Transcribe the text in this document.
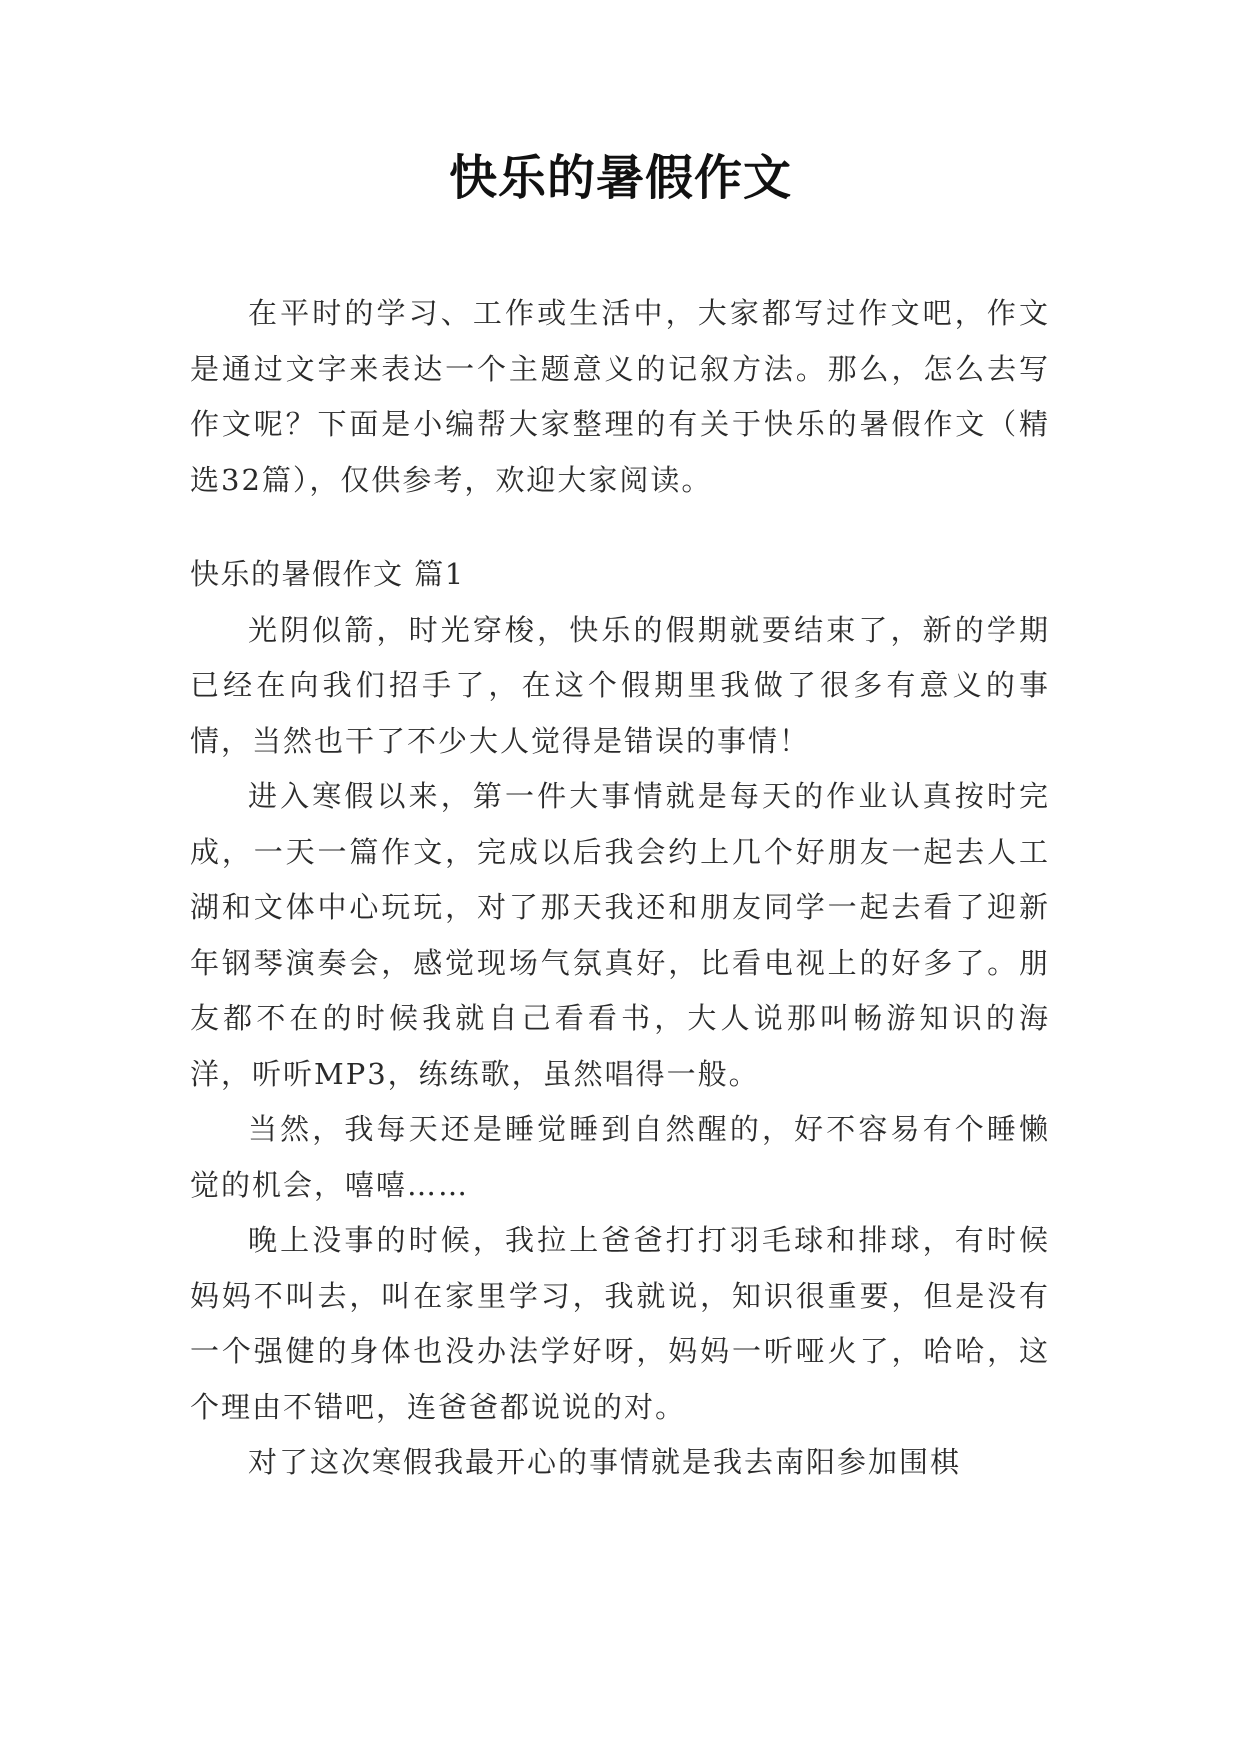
快乐的暑假作文

在平时的学习、工作或生活中，大家都写过作文吧，作文是通过文字来表达一个主题意义的记叙方法。那么，怎么去写作文呢？下面是小编帮大家整理的有关于快乐的暑假作文（精选32篇），仅供参考，欢迎大家阅读。

快乐的暑假作文 篇1

光阴似箭，时光穿梭，快乐的假期就要结束了，新的学期已经在向我们招手了，在这个假期里我做了很多有意义的事情，当然也干了不少大人觉得是错误的事情！

进入寒假以来，第一件大事情就是每天的作业认真按时完成，一天一篇作文，完成以后我会约上几个好朋友一起去人工湖和文体中心玩玩，对了那天我还和朋友同学一起去看了迎新年钢琴演奏会，感觉现场气氛真好，比看电视上的好多了。朋友都不在的时候我就自己看看书，大人说那叫畅游知识的海洋，听听MP3，练练歌，虽然唱得一般。

当然，我每天还是睡觉睡到自然醒的，好不容易有个睡懒觉的机会，嘻嘻……

晚上没事的时候，我拉上爸爸打打羽毛球和排球，有时候妈妈不叫去，叫在家里学习，我就说，知识很重要，但是没有一个强健的身体也没办法学好呀，妈妈一听哑火了，哈哈，这个理由不错吧，连爸爸都说说的对。

对了这次寒假我最开心的事情就是我去南阳参加围棋
